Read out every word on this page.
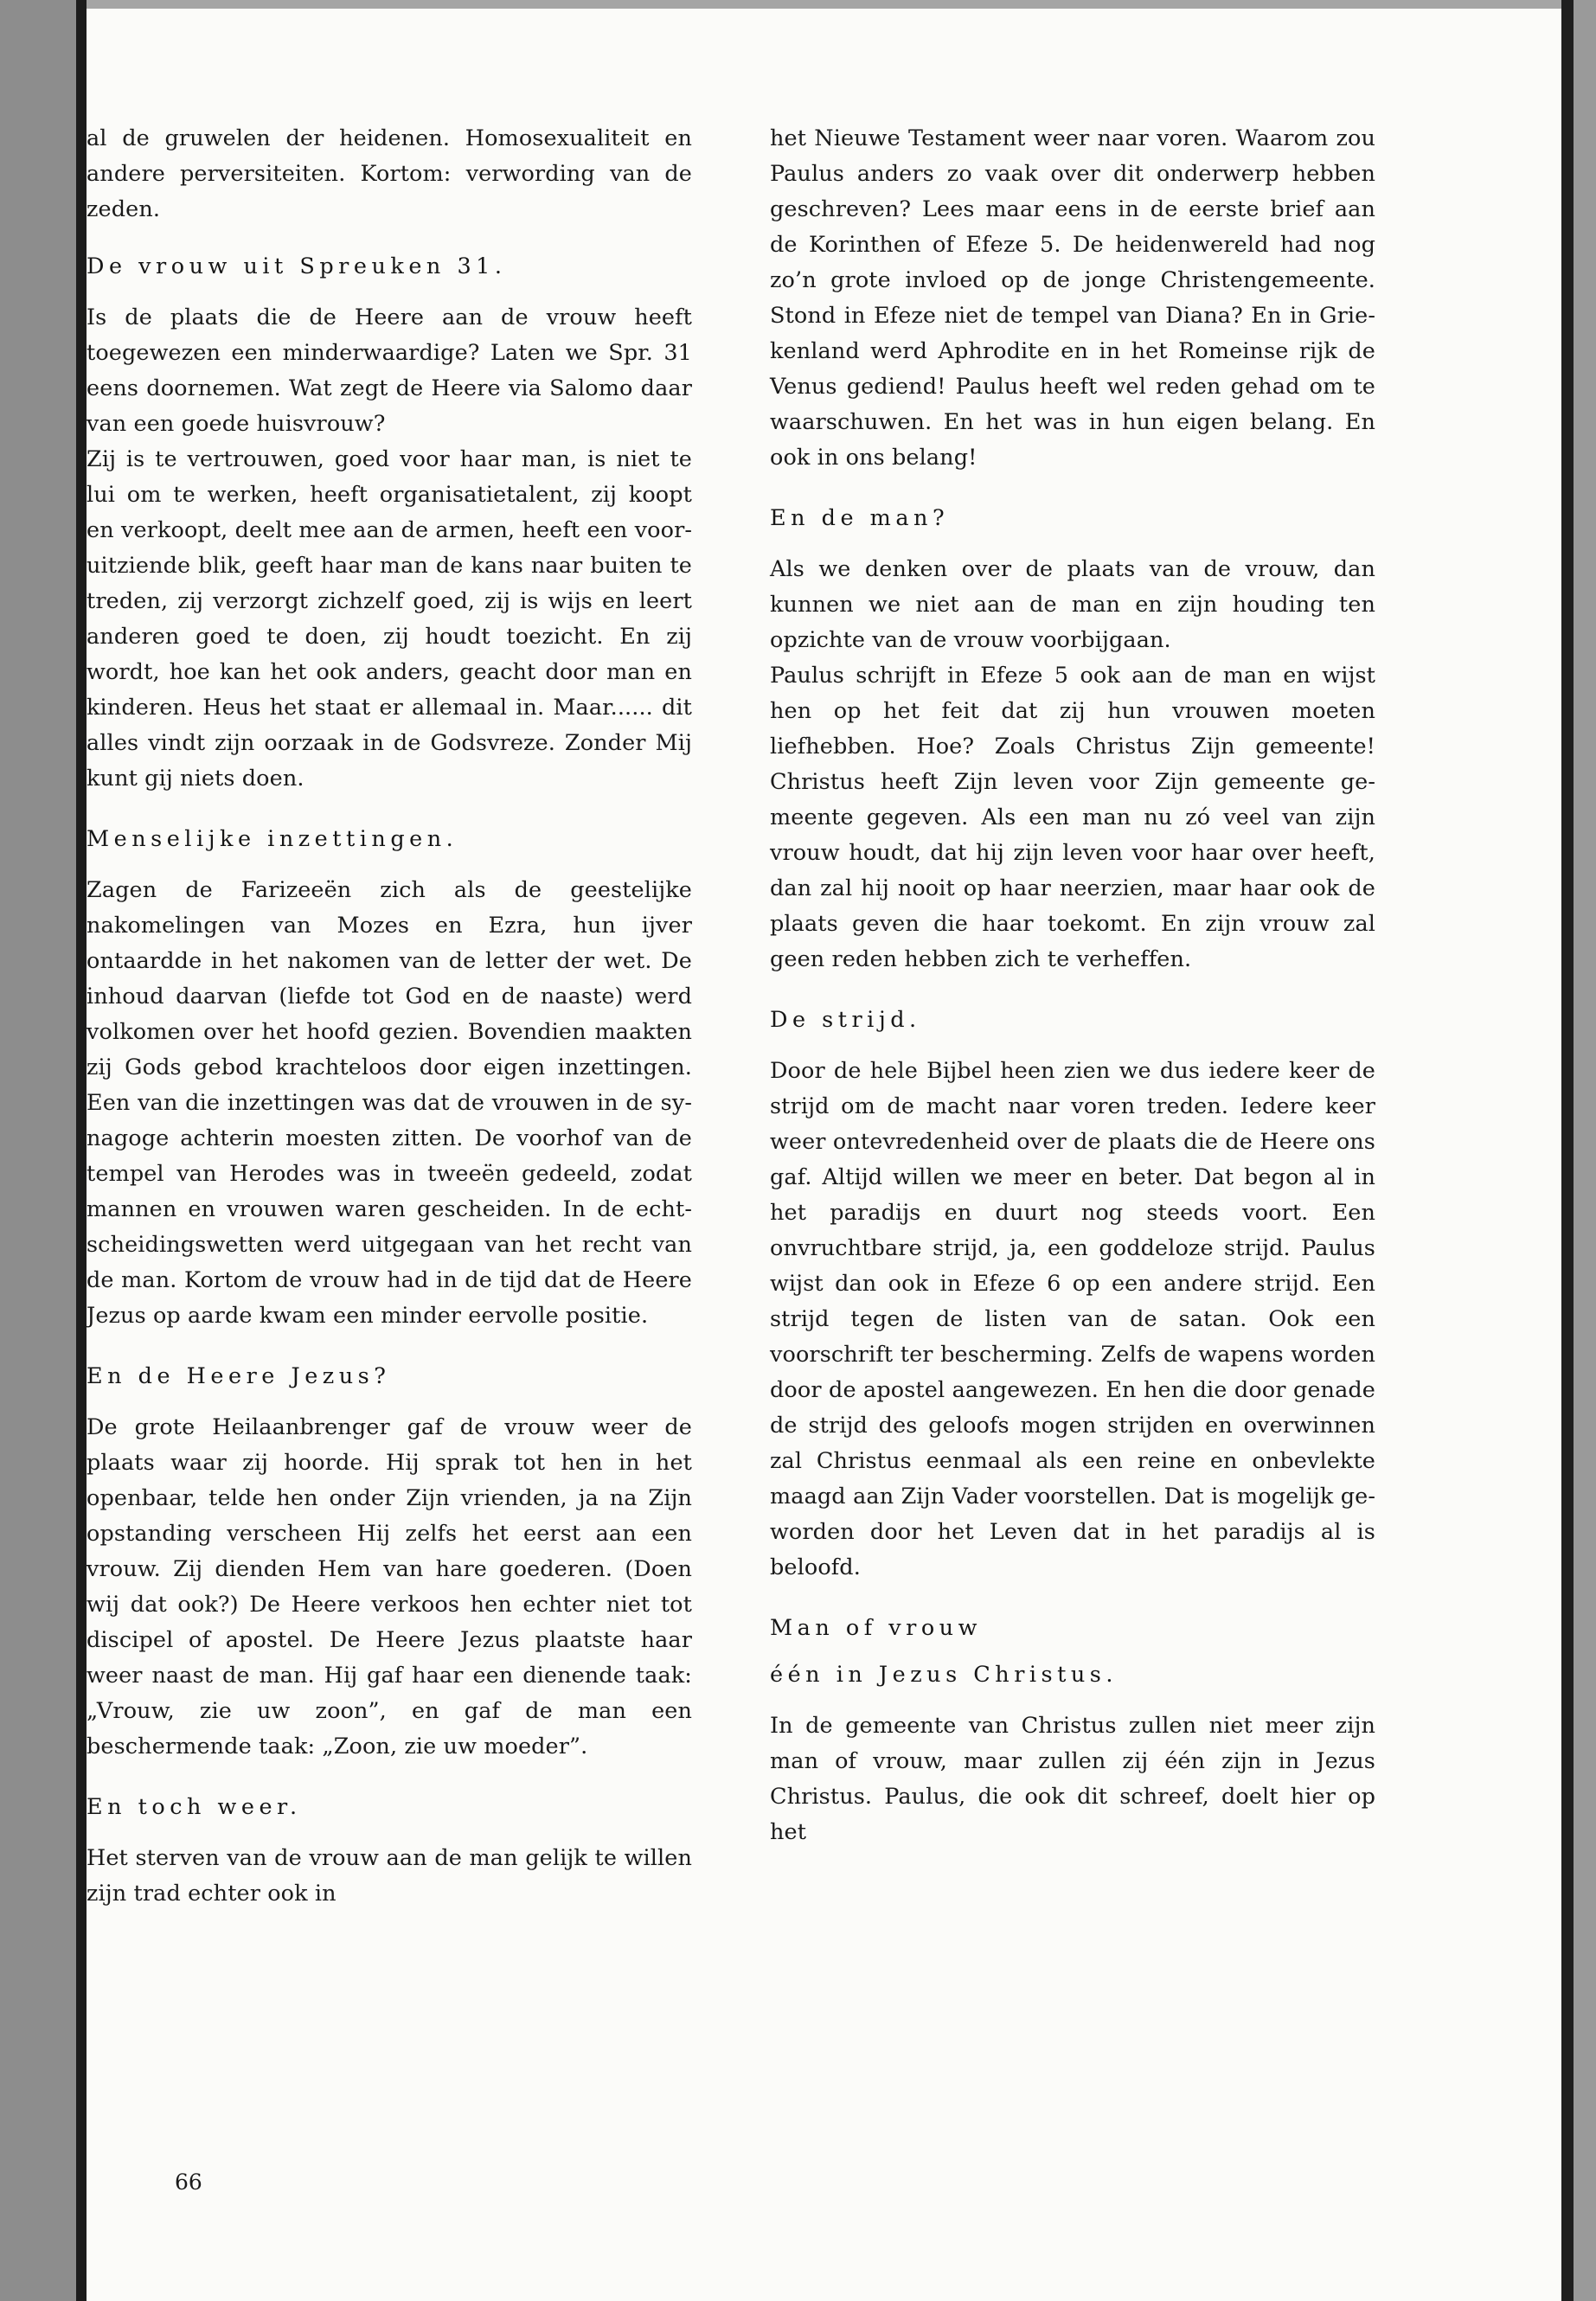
al de gruwelen der heidenen. Homosexualiteit en andere perversiteiten. Kortom: verwording van de zeden.

De vrouw uit Spreuken 31.

Is de plaats die de Heere aan de vrouw heeft toegewezen een minderwaardige? Laten we Spr. 31 eens doornemen. Wat zegt de Heere via Salomo daar van een goede huisvrouw?

Zij is te vertrouwen, goed voor haar man, is niet te lui om te werken, heeft organisatietalent, zij koopt en verkoopt, deelt mee aan de armen, heeft een vooruitziende blik, geeft haar man de kans naar buiten te treden, zij verzorgt zichzelf goed, zij is wijs en leert anderen goed te doen, zij houdt toezicht. En zij wordt, hoe kan het ook anders, geacht door man en kinderen. Heus het staat er allemaal in. Maar...... dit alles vindt zijn oorzaak in de Godsvreze. Zonder Mij kunt gij niets doen.

Menselijke inzettingen.

Zagen de Farizeeën zich als de geestelijke nakomelingen van Mozes en Ezra, hun ijver ontaardde in het nakomen van de letter der wet. De inhoud daarvan (liefde tot God en de naaste) werd volkomen over het hoofd gezien. Bovendien maakten zij Gods gebod krachteloos door eigen inzettingen. Een van die inzettingen was dat de vrouwen in de synagoge achterin moesten zitten. De voorhof van de tempel van Herodes was in tweeën gedeeld, zodat mannen en vrouwen waren gescheiden. In de echtscheidingswetten werd uitgegaan van het recht van de man. Kortom de vrouw had in de tijd dat de Heere Jezus op aarde kwam een minder eervolle positie.

En de Heere Jezus?

De grote Heilaanbrenger gaf de vrouw weer de plaats waar zij hoorde. Hij sprak tot hen in het openbaar, telde hen onder Zijn vrienden, ja na Zijn opstanding verscheen Hij zelfs het eerst aan een vrouw. Zij dienden Hem van hare goederen. (Doen wij dat ook?) De Heere verkoos hen echter niet tot discipel of apostel. De Heere Jezus plaatste haar weer naast de man. Hij gaf haar een dienende taak: „Vrouw, zie uw zoon”, en gaf de man een beschermende taak: „Zoon, zie uw moeder”.

En toch weer.

Het sterven van de vrouw aan de man gelijk te willen zijn trad echter ook in

het Nieuwe Testament weer naar voren. Waarom zou Paulus anders zo vaak over dit onderwerp hebben geschreven? Lees maar eens in de eerste brief aan de Korinthen of Efeze 5. De heidenwereld had nog zo’n grote invloed op de jonge Christengemeente. Stond in Efeze niet de tempel van Diana? En in Griekenland werd Aphrodite en in het Romeinse rijk de Venus gediend! Paulus heeft wel reden gehad om te waarschuwen. En het was in hun eigen belang. En ook in ons belang!

En de man?

Als we denken over de plaats van de vrouw, dan kunnen we niet aan de man en zijn houding ten opzichte van de vrouw voorbijgaan.

Paulus schrijft in Efeze 5 ook aan de man en wijst hen op het feit dat zij hun vrouwen moeten liefhebben. Hoe? Zoals Christus Zijn gemeente! Christus heeft Zijn leven voor Zijn gemeente gemeente gegeven. Als een man nu zó veel van zijn vrouw houdt, dat hij zijn leven voor haar over heeft, dan zal hij nooit op haar neerzien, maar haar ook de plaats geven die haar toekomt. En zijn vrouw zal geen reden hebben zich te verheffen.

De strijd.

Door de hele Bijbel heen zien we dus iedere keer de strijd om de macht naar voren treden. Iedere keer weer ontevredenheid over de plaats die de Heere ons gaf. Altijd willen we meer en beter. Dat begon al in het paradijs en duurt nog steeds voort. Een onvruchtbare strijd, ja, een goddeloze strijd. Paulus wijst dan ook in Efeze 6 op een andere strijd. Een strijd tegen de listen van de satan. Ook een voorschrift ter bescherming. Zelfs de wapens worden door de apostel aangewezen. En hen die door genade de strijd des geloofs mogen strijden en overwinnen zal Christus eenmaal als een reine en onbevlekte maagd aan Zijn Vader voorstellen. Dat is mogelijk geworden door het Leven dat in het paradijs al is beloofd.

Man of vrouw
één in Jezus Christus.

In de gemeente van Christus zullen niet meer zijn man of vrouw, maar zullen zij één zijn in Jezus Christus. Paulus, die ook dit schreef, doelt hier op het

66
